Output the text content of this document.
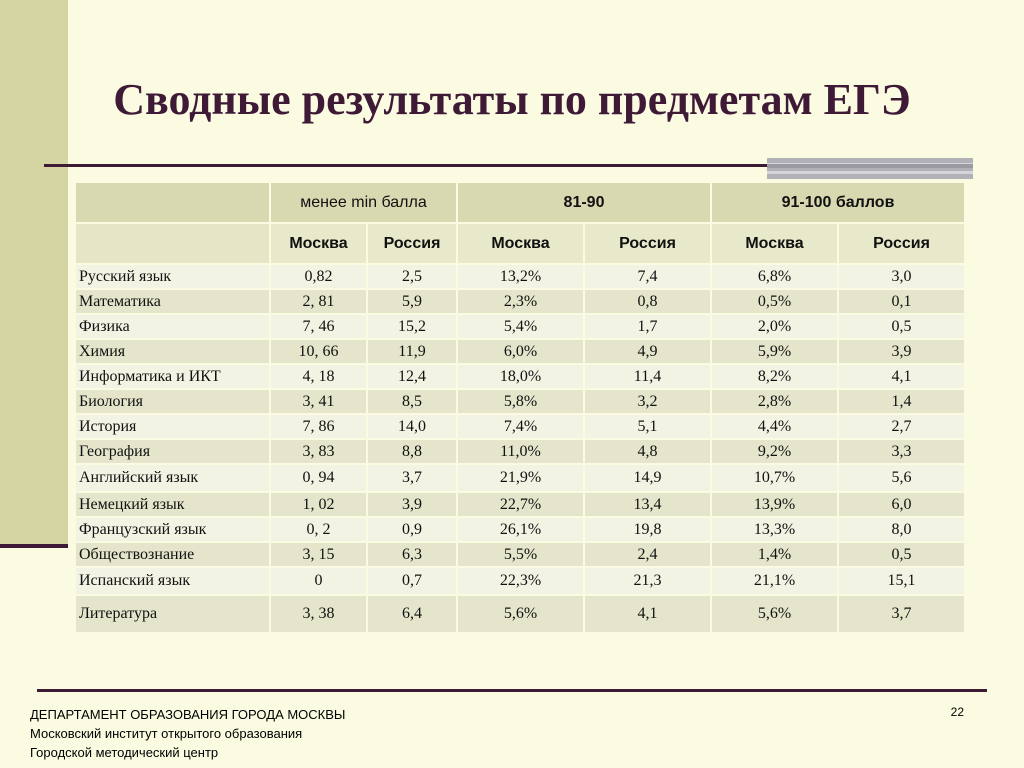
Сводные результаты по предметам ЕГЭ
	менее min балла		81-90		91-100 баллов	
	Москва	Россия	Москва	Россия	Москва	Россия
Русский язык	0,82	2,5	13,2%	7,4	6,8%	3,0
Математика	2, 81	5,9	2,3%	0,8	0,5%	0,1
Физика	7, 46	15,2	5,4%	1,7	2,0%	0,5
Химия	10, 66	11,9	6,0%	4,9	5,9%	3,9
Информатика и ИКТ	4, 18	12,4	18,0%	11,4	8,2%	4,1
Биология	3, 41	8,5	5,8%	3,2	2,8%	1,4
История	7, 86	14,0	7,4%	5,1	4,4%	2,7
География	3, 83	8,8	11,0%	4,8	9,2%	3,3
Английский язык	0, 94	3,7	21,9%	14,9	10,7%	5,6
Немецкий язык	1, 02	3,9	22,7%	13,4	13,9%	6,0
Французский язык	0, 2	0,9	26,1%	19,8	13,3%	8,0
Обществознание	3, 15	6,3	5,5%	2,4	1,4%	0,5
Испанский язык	0	0,7	22,3%	21,3	21,1%	15,1
Литература	3, 38	6,4	5,6%	4,1	5,6%	3,7
ДЕПАРТАМЕНТ ОБРАЗОВАНИЯ ГОРОДА МОСКВЫ
Московский институт открытого образования
Городской методический центр
22
